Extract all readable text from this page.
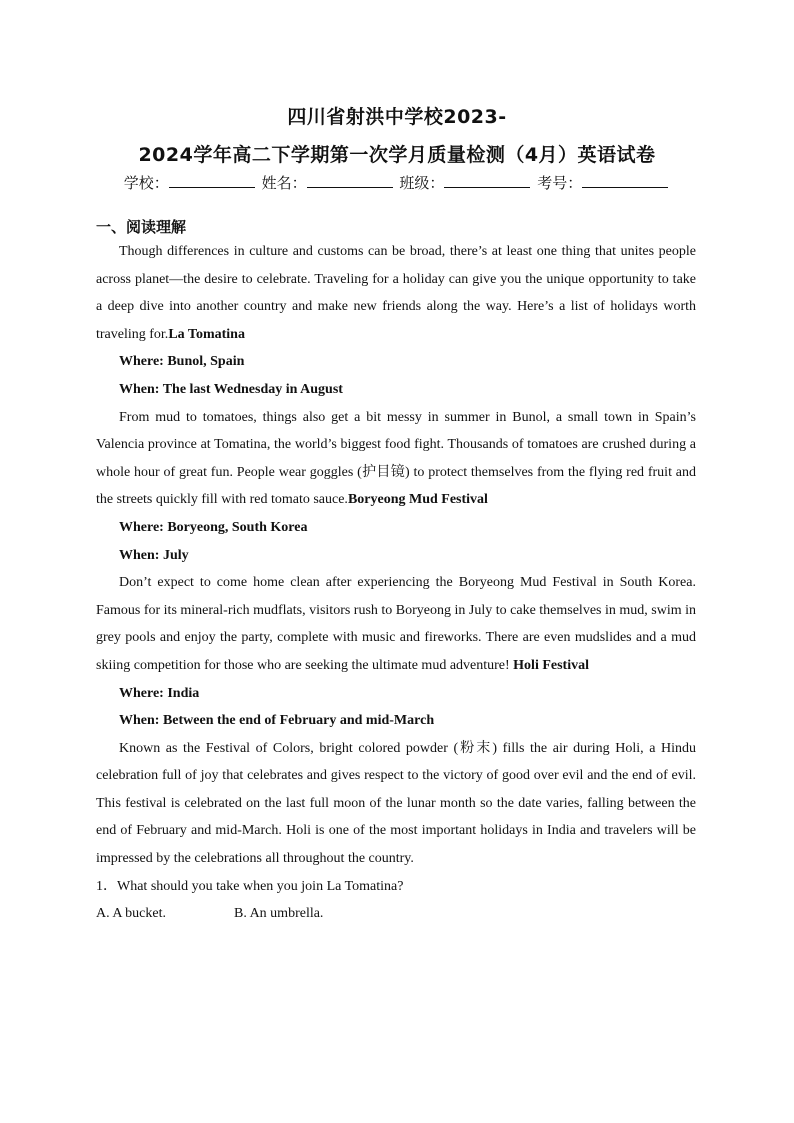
四川省射洪中学校2023-
2024学年高二下学期第一次学月质量检测（4月）英语试卷
学校：	姓名：	班级：	考号：
一、阅读理解

Though differences in culture and customs can be broad, there’s at least one thing that unites people across planet—the desire to celebrate. Traveling for a holiday can give you the unique opportunity to take a deep dive into another country and make new friends along the way. Here’s a list of holidays worth traveling for.La Tomatina

Where: Bunol, Spain

When: The last Wednesday in August

From mud to tomatoes, things also get a bit messy in summer in Bunol, a small town in Spain’s Valencia province at Tomatina, the world’s biggest food fight. Thousands of tomatoes are crushed during a whole hour of great fun. People wear goggles (护目镜) to protect themselves from the flying red fruit and the streets quickly fill with red tomato sauce.Boryeong Mud Festival

Where: Boryeong, South Korea

When: July

Don’t expect to come home clean after experiencing the Boryeong Mud Festival in South Korea. Famous for its mineral-rich mudflats, visitors rush to Boryeong in July to cake themselves in mud, swim in grey pools and enjoy the party, complete with music and fireworks. There are even mudslides and a mud skiing competition for those who are seeking the ultimate mud adventure! Holi Festival

Where: India

When: Between the end of February and mid-March

Known as the Festival of Colors, bright colored powder (粉末) fills the air during Holi, a Hindu celebration full of joy that celebrates and gives respect to the victory of good over evil and the end of evil. This festival is celebrated on the last full moon of the lunar month so the date varies, falling between the end of February and mid-March. Holi is one of the most important holidays in India and travelers will be impressed by the celebrations all throughout the country.

1．What should you take when you join La Tomatina?

A. A bucket.	B. An umbrella.
